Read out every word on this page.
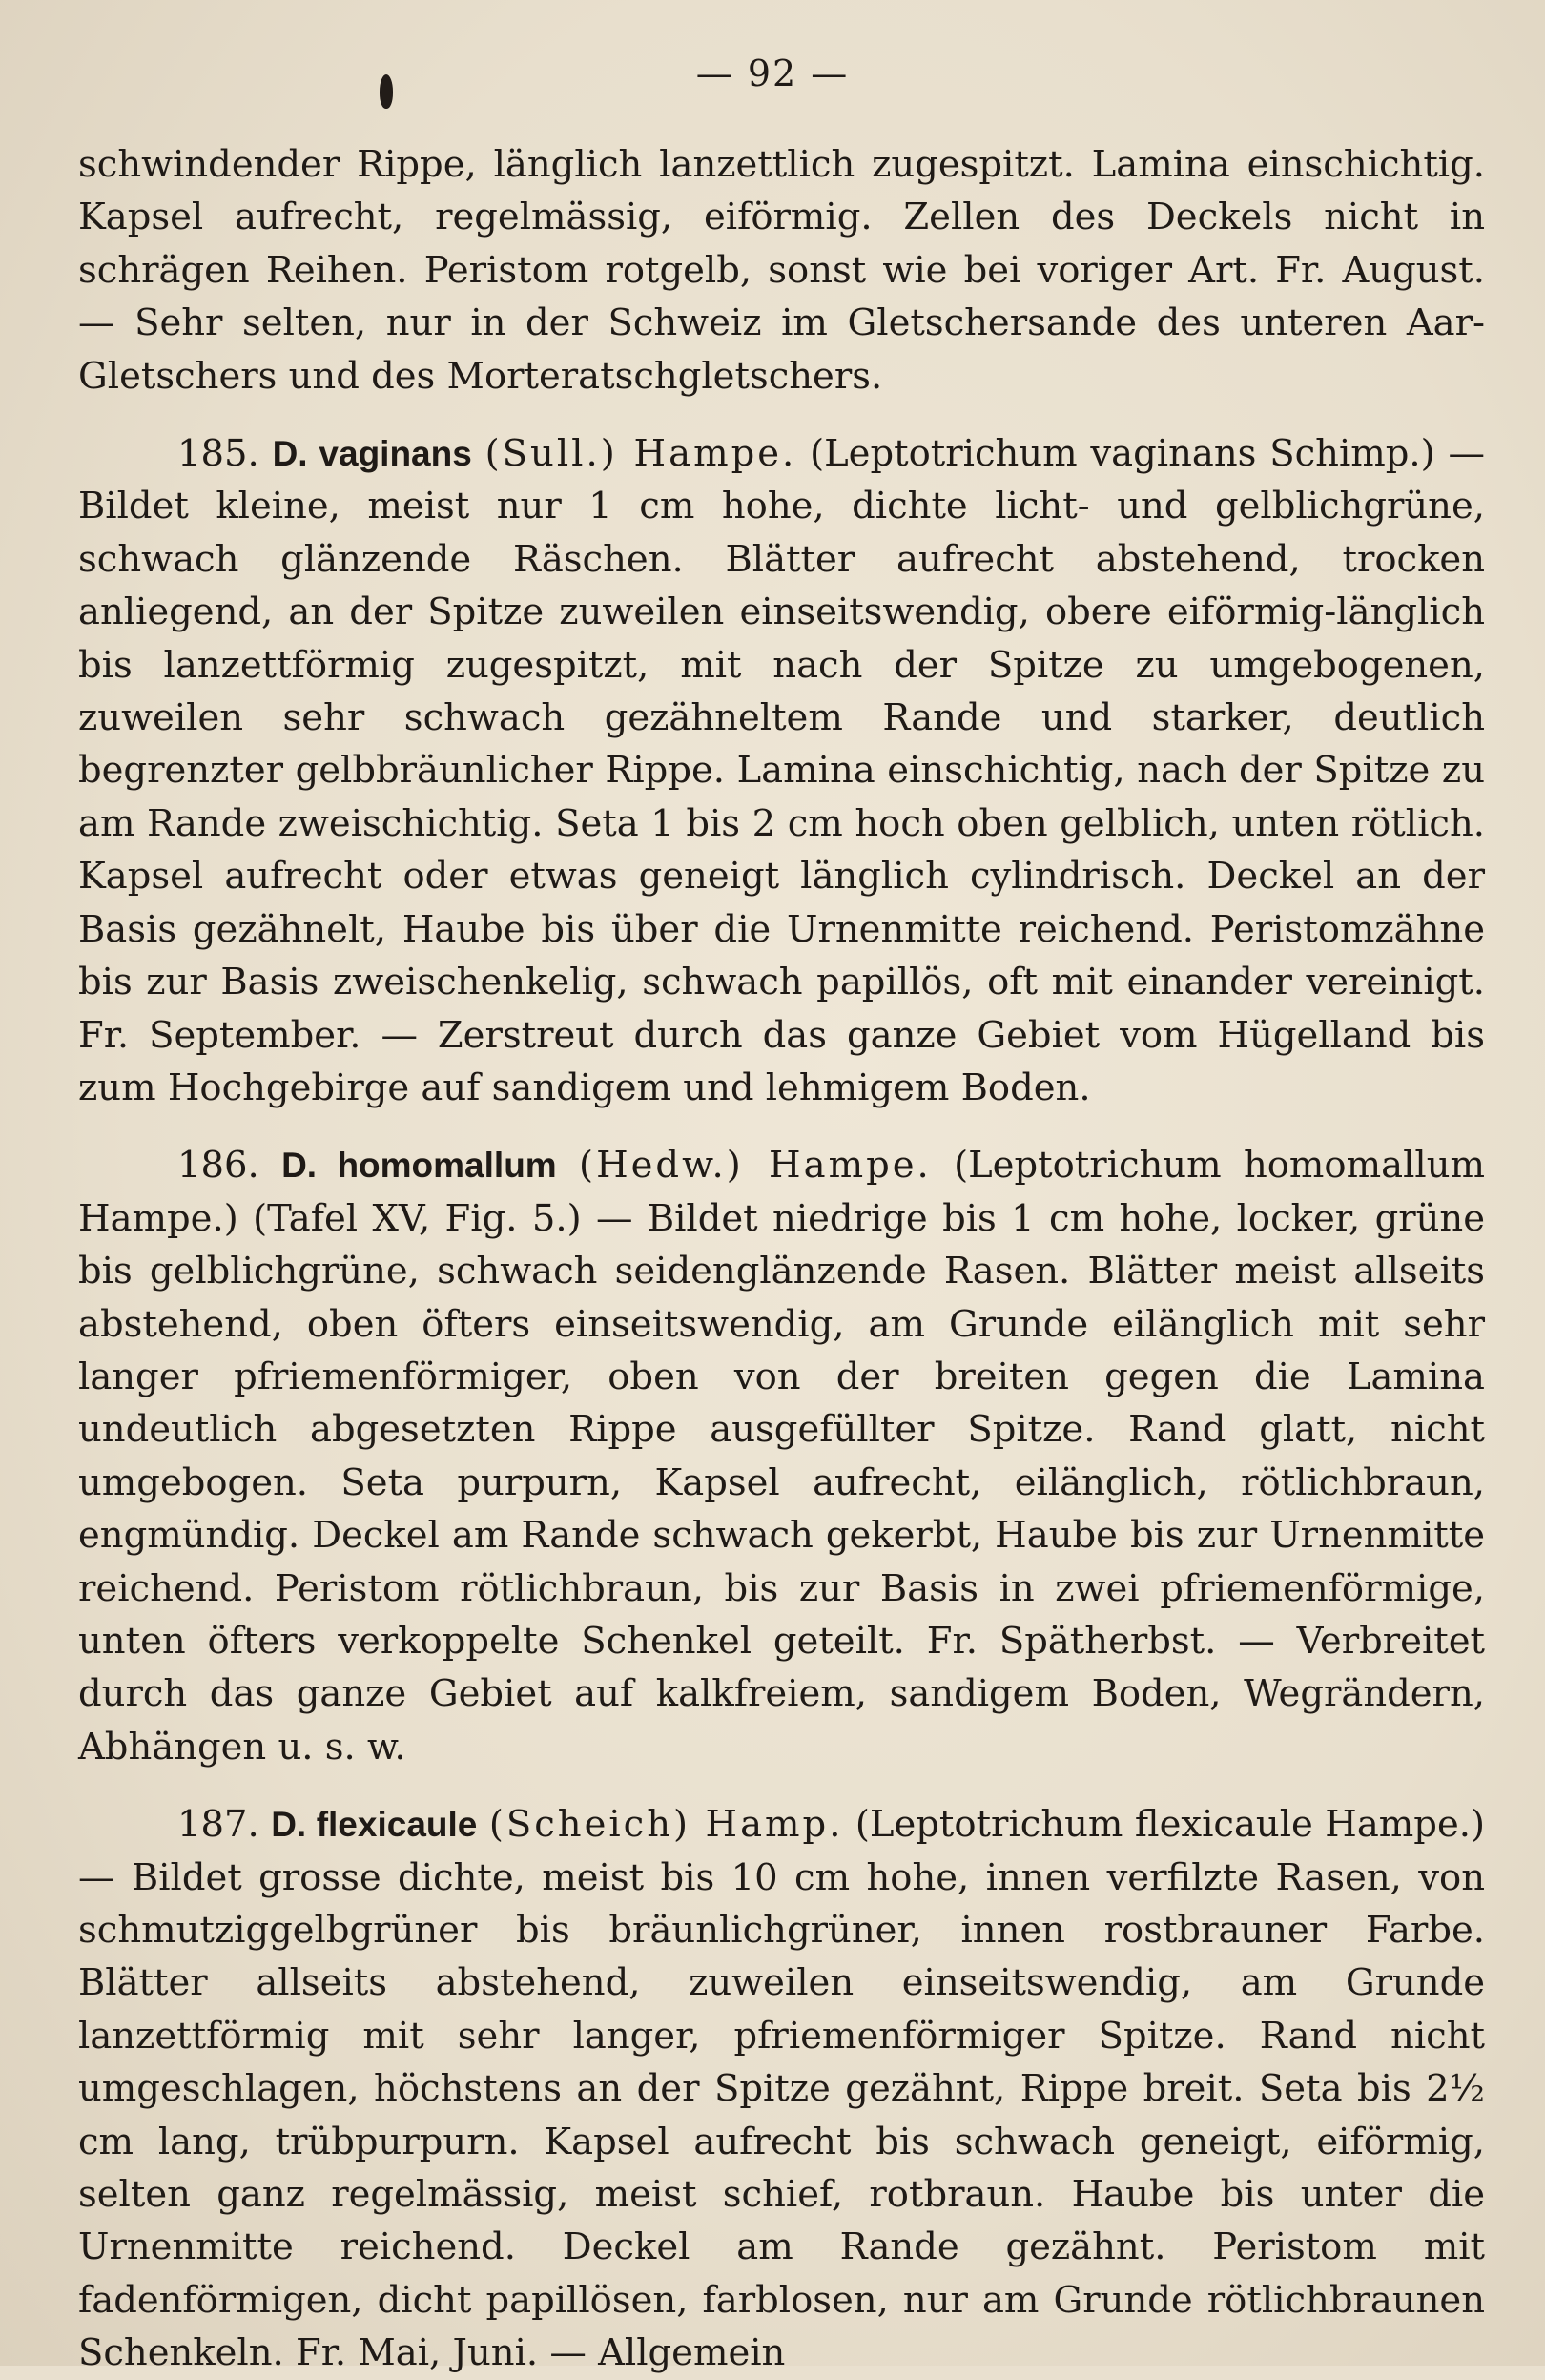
— 92 —

schwindender Rippe, länglich lanzettlich zugespitzt. Lamina einschichtig. Kapsel aufrecht, regelmässig, eiförmig. Zellen des Deckels nicht in schrägen Reihen. Peristom rotgelb, sonst wie bei voriger Art. Fr. August. — Sehr selten, nur in der Schweiz im Gletschersande des unteren Aar-Gletschers und des Morteratschgletschers.

185. D. vaginans (Sull.) Hampe. (Leptotrichum vaginans Schimp.) — Bildet kleine, meist nur 1 cm hohe, dichte licht- und gelblichgrüne, schwach glänzende Räschen. Blätter aufrecht abstehend, trocken anliegend, an der Spitze zuweilen einseitswendig, obere eiförmig-länglich bis lanzettförmig zugespitzt, mit nach der Spitze zu umgebogenen, zuweilen sehr schwach gezähneltem Rande und starker, deutlich begrenzter gelbbräunlicher Rippe. Lamina einschichtig, nach der Spitze zu am Rande zweischichtig. Seta 1 bis 2 cm hoch oben gelblich, unten rötlich. Kapsel aufrecht oder etwas geneigt länglich cylindrisch. Deckel an der Basis gezähnelt, Haube bis über die Urnenmitte reichend. Peristomzähne bis zur Basis zweischenkelig, schwach papillös, oft mit einander vereinigt. Fr. September. — Zerstreut durch das ganze Gebiet vom Hügelland bis zum Hochgebirge auf sandigem und lehmigem Boden.

186. D. homomallum (Hedw.) Hampe. (Leptotrichum homomallum Hampe.) (Tafel XV, Fig. 5.) — Bildet niedrige bis 1 cm hohe, locker, grüne bis gelblichgrüne, schwach seidenglänzende Rasen. Blätter meist allseits abstehend, oben öfters einseitswendig, am Grunde eilänglich mit sehr langer pfriemenförmiger, oben von der breiten gegen die Lamina undeutlich abgesetzten Rippe ausgefüllter Spitze. Rand glatt, nicht umgebogen. Seta purpurn, Kapsel aufrecht, eilänglich, rötlichbraun, engmündig. Deckel am Rande schwach gekerbt, Haube bis zur Urnenmitte reichend. Peristom rötlichbraun, bis zur Basis in zwei pfriemenförmige, unten öfters verkoppelte Schenkel geteilt. Fr. Spätherbst. — Verbreitet durch das ganze Gebiet auf kalkfreiem, sandigem Boden, Wegrändern, Abhängen u. s. w.

187. D. flexicaule (Scheich) Hamp. (Leptotrichum flexicaule Hampe.) — Bildet grosse dichte, meist bis 10 cm hohe, innen verfilzte Rasen, von schmutziggelbgrüner bis bräunlichgrüner, innen rostbrauner Farbe. Blätter allseits abstehend, zuweilen einseitswendig, am Grunde lanzettförmig mit sehr langer, pfriemenförmiger Spitze. Rand nicht umgeschlagen, höchstens an der Spitze gezähnt, Rippe breit. Seta bis 2½ cm lang, trübpurpurn. Kapsel aufrecht bis schwach geneigt, eiförmig, selten ganz regelmässig, meist schief, rotbraun. Haube bis unter die Urnenmitte reichend. Deckel am Rande gezähnt. Peristom mit fadenförmigen, dicht papillösen, farblosen, nur am Grunde rötlichbraunen Schenkeln. Fr. Mai, Juni. — Allgemein
